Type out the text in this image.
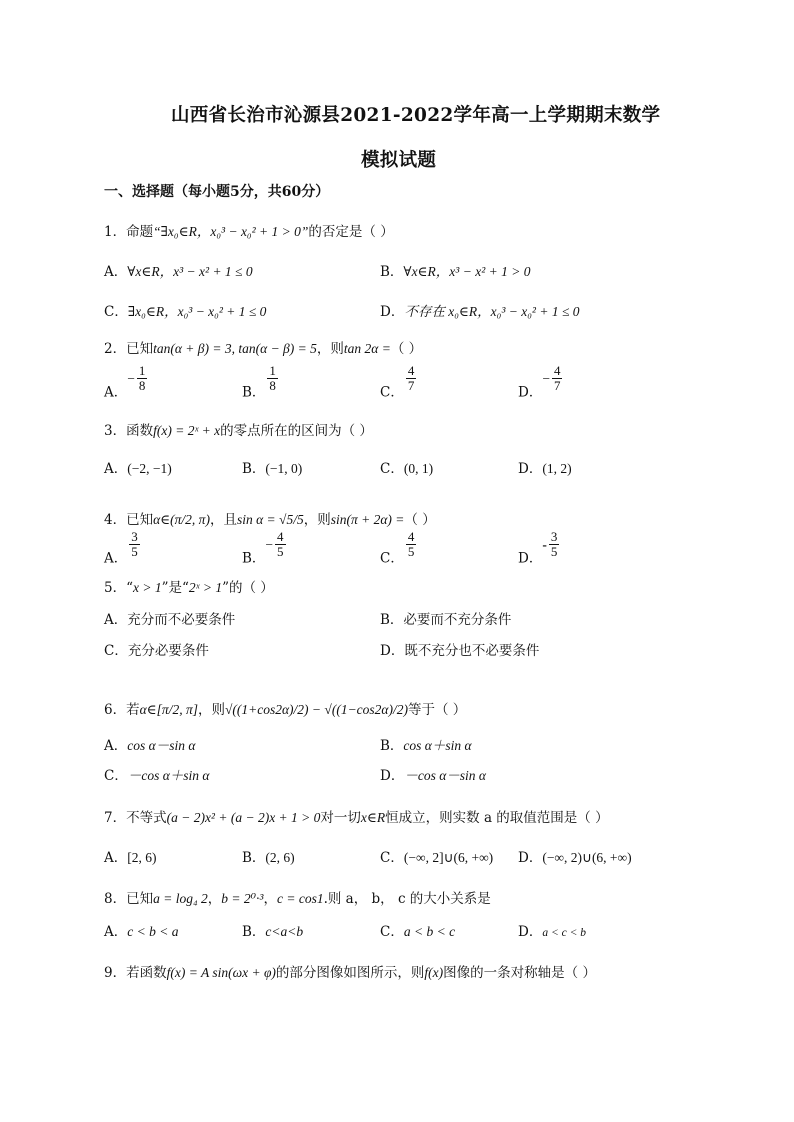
山西省长治市沁源县2021-2022学年高一上学期期末数学
模拟试题
一、选择题（每小题5分，共60分）
1．命题“∃x₀∈R，x₀³ − x₀² + 1 > 0”的否定是（ ）
A．∀x∈R，x³ − x² + 1 ≤ 0	B．∀x∈R，x³ − x² + 1 > 0
C．∃x₀∈R，x₀³ − x₀² + 1 ≤ 0	D．不存在 x₀∈R，x₀³ − x₀² + 1 ≤ 0
2．已知tan(α + β) = 3, tan(α − β) = 5，则tan 2α =（ ）
A．− $\frac{1}{8}$	B． $\frac{1}{8}$	C． $\frac{4}{7}$	D．− $\frac{4}{7}$
3．函数f(x) = 2ˣ + x的零点所在的区间为（ ）
A．(−2, −1)	B．(−1, 0)	C．(0, 1)	D．(1, 2)
4．已知α∈(π/2, π)，且sin α = √5/5，则sin(π + 2α) =（ ）
A． $\frac{3}{5}$	B．− $\frac{4}{5}$	C． $\frac{4}{5}$	D．- $\frac{3}{5}$
5．“x > 1”是“2ˣ > 1”的（ ）
A．充分而不必要条件	B．必要而不充分条件
C．充分必要条件	D．既不充分也不必要条件
6．若α∈[π/2, π]，则√((1+cos2α)/2) − √((1−cos2α)/2)等于（ ）
A．cos α－sin α	B．cos α＋sin α
C．－cos α＋sin α	D．－cos α－sin α
7．不等式(a − 2)x² + (a − 2)x + 1 > 0对一切x∈R恒成立，则实数 a 的取值范围是（ ）
A．[2, 6)	B．(2, 6)	C．(−∞, 2]∪(6, +∞) D．(−∞, 2)∪(6, +∞)
8．已知a = log₄ 2，b = 2⁰·³，c = cos1.则 a， b， c 的大小关系是
A．c < b < a	B．c<a<b	C．a < b < c	D．a < c < b
9．若函数f(x) = A sin(ωx + φ)的部分图像如图所示，则f(x)图像的一条对称轴是（ ）
